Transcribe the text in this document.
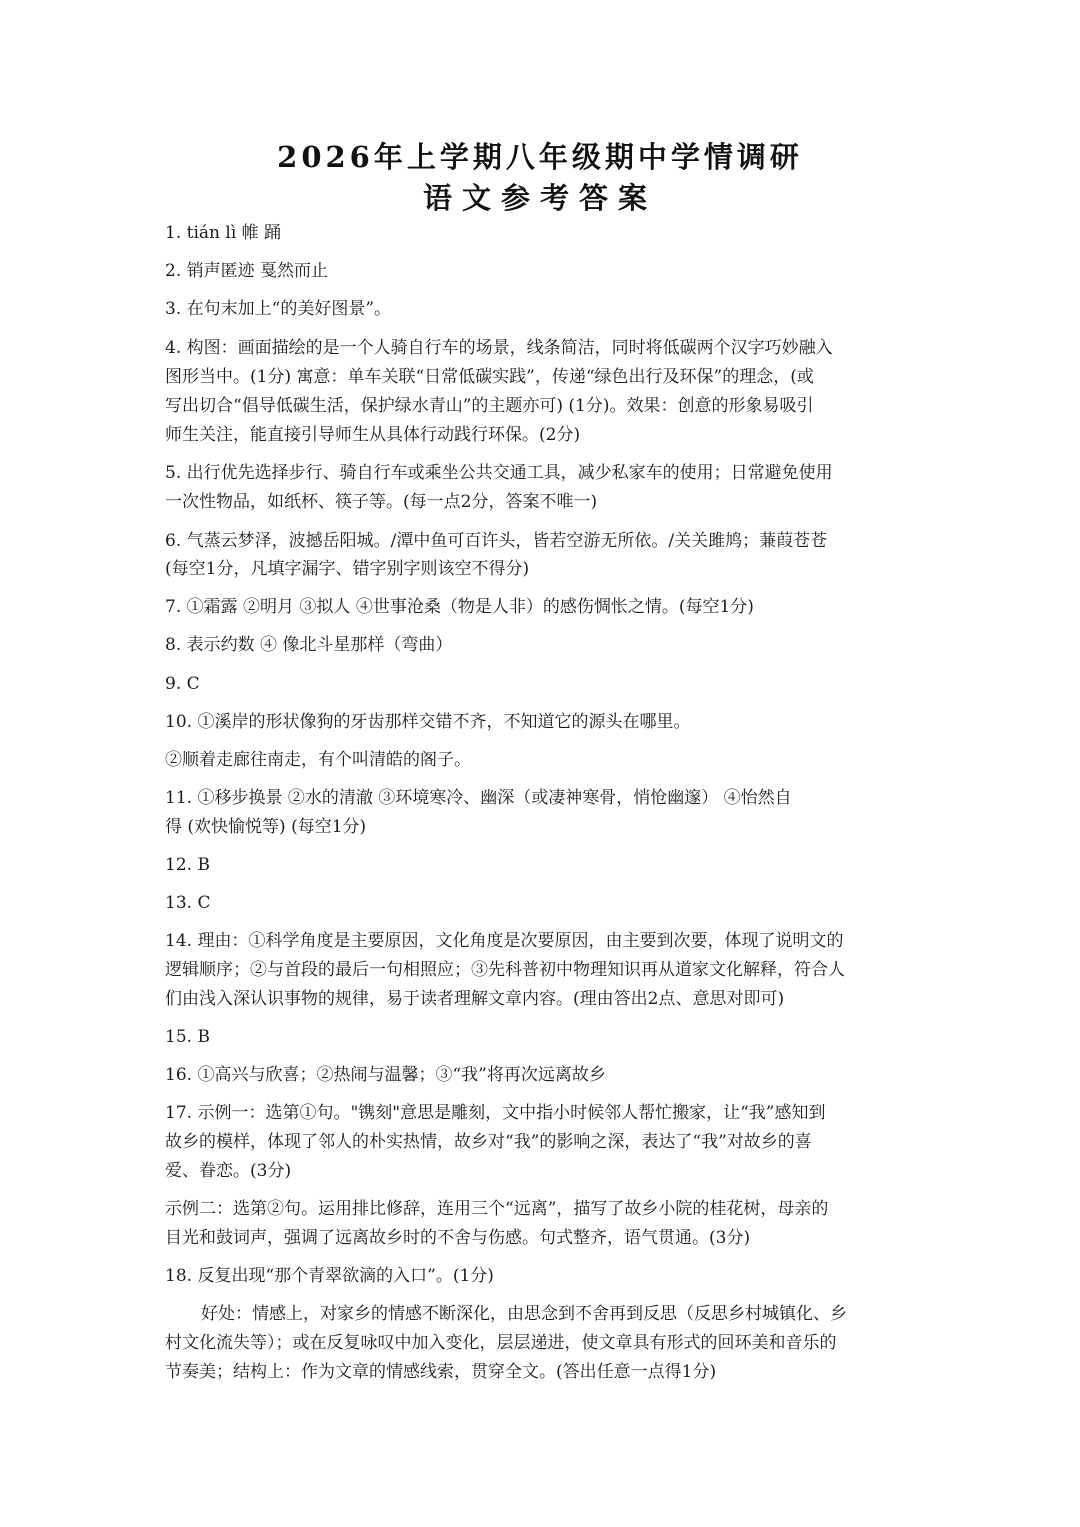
2026年上学期八年级期中学情调研
语文参考答案
1. tián lì 帷 踊
2. 销声匿迹 戛然而止
3. 在句末加上“的美好图景”。
4. 构图：画面描绘的是一个人骑自行车的场景，线条简洁，同时将低碳两个汉字巧妙融入
图形当中。(1分) 寓意：单车关联“日常低碳实践”，传递“绿色出行及环保”的理念，(或
写出切合“倡导低碳生活，保护绿水青山”的主题亦可) (1分)。效果：创意的形象易吸引
师生关注，能直接引导师生从具体行动践行环保。(2分)
5. 出行优先选择步行、骑自行车或乘坐公共交通工具，减少私家车的使用；日常避免使用
一次性物品，如纸杯、筷子等。(每一点2分，答案不唯一)
6. 气蒸云梦泽，波撼岳阳城。/潭中鱼可百许头，皆若空游无所依。/关关雎鸠；蒹葭苍苍
(每空1分，凡填字漏字、错字别字则该空不得分)
7. ①霜露 ②明月 ③拟人 ④世事沧桑（物是人非）的感伤惆怅之情。(每空1分)
8. 表示约数 ④ 像北斗星那样（弯曲）
9. C
10. ①溪岸的形状像狗的牙齿那样交错不齐，不知道它的源头在哪里。
②顺着走廊往南走，有个叫清皓的阁子。
11. ①移步换景 ②水的清澈 ③环境寒冷、幽深（或凄神寒骨，悄怆幽邃） ④怡然自
得 (欢快愉悦等) (每空1分)
12. B
13. C
14. 理由：①科学角度是主要原因，文化角度是次要原因，由主要到次要，体现了说明文的
逻辑顺序；②与首段的最后一句相照应；③先科普初中物理知识再从道家文化解释，符合人
们由浅入深认识事物的规律，易于读者理解文章内容。(理由答出2点、意思对即可)
15. B
16. ①高兴与欣喜；②热闹与温馨；③“我”将再次远离故乡
17. 示例一：选第①句。"镌刻"意思是雕刻，文中指小时候邻人帮忙搬家，让“我”感知到
故乡的模样，体现了邻人的朴实热情，故乡对“我”的影响之深，表达了“我”对故乡的喜
爱、眷恋。(3分)
示例二：选第②句。运用排比修辞，连用三个“远离”，描写了故乡小院的桂花树，母亲的
目光和鼓词声，强调了远离故乡时的不舍与伤感。句式整齐，语气贯通。(3分)
18. 反复出现“那个青翠欲滴的入口”。(1分)
好处：情感上，对家乡的情感不断深化，由思念到不舍再到反思（反思乡村城镇化、乡
村文化流失等）；或在反复咏叹中加入变化，层层递进，使文章具有形式的回环美和音乐的
节奏美；结构上：作为文章的情感线索，贯穿全文。(答出任意一点得1分)
